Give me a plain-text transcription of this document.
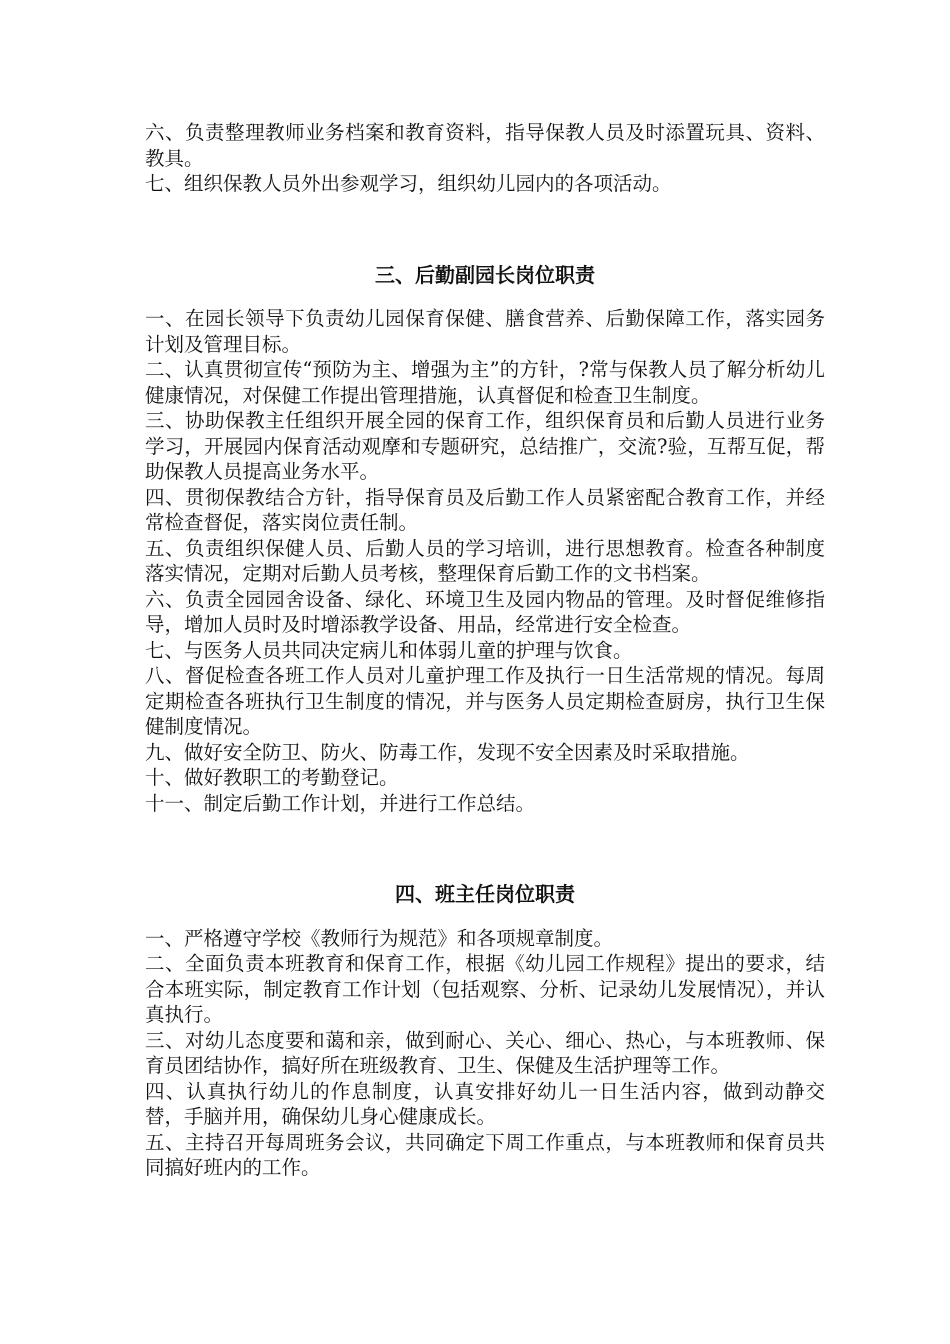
六、负责整理教师业务档案和教育资料，指导保教人员及时添置玩具、资料、教具。

七、组织保教人员外出参观学习，组织幼儿园内的各项活动。

三、后勤副园长岗位职责

一、在园长领导下负责幼儿园保育保健、膳食营养、后勤保障工作，落实园务计划及管理目标。

二、认真贯彻宣传“预防为主、增强为主”的方针，?常与保教人员了解分析幼儿健康情况，对保健工作提出管理措施，认真督促和检查卫生制度。

三、协助保教主任组织开展全园的保育工作，组织保育员和后勤人员进行业务学习，开展园内保育活动观摩和专题研究，总结推广，交流?验，互帮互促，帮助保教人员提高业务水平。

四、贯彻保教结合方针，指导保育员及后勤工作人员紧密配合教育工作，并经常检查督促，落实岗位责任制。

五、负责组织保健人员、后勤人员的学习培训，进行思想教育。检查各种制度落实情况，定期对后勤人员考核，整理保育后勤工作的文书档案。

六、负责全园园舍设备、绿化、环境卫生及园内物品的管理。及时督促维修指导，增加人员时及时增添教学设备、用品，经常进行安全检查。

七、与医务人员共同决定病儿和体弱儿童的护理与饮食。

八、督促检查各班工作人员对儿童护理工作及执行一日生活常规的情况。每周定期检查各班执行卫生制度的情况，并与医务人员定期检查厨房，执行卫生保健制度情况。

九、做好安全防卫、防火、防毒工作，发现不安全因素及时采取措施。

十、做好教职工的考勤登记。

十一、制定后勤工作计划，并进行工作总结。

四、班主任岗位职责

一、严格遵守学校《教师行为规范》和各项规章制度。

二、全面负责本班教育和保育工作，根据《幼儿园工作规程》提出的要求，结合本班实际，制定教育工作计划（包括观察、分析、记录幼儿发展情况），并认真执行。

三、对幼儿态度要和蔼和亲，做到耐心、关心、细心、热心，与本班教师、保育员团结协作，搞好所在班级教育、卫生、保健及生活护理等工作。

四、认真执行幼儿的作息制度，认真安排好幼儿一日生活内容，做到动静交替，手脑并用，确保幼儿身心健康成长。

五、主持召开每周班务会议，共同确定下周工作重点，与本班教师和保育员共同搞好班内的工作。
